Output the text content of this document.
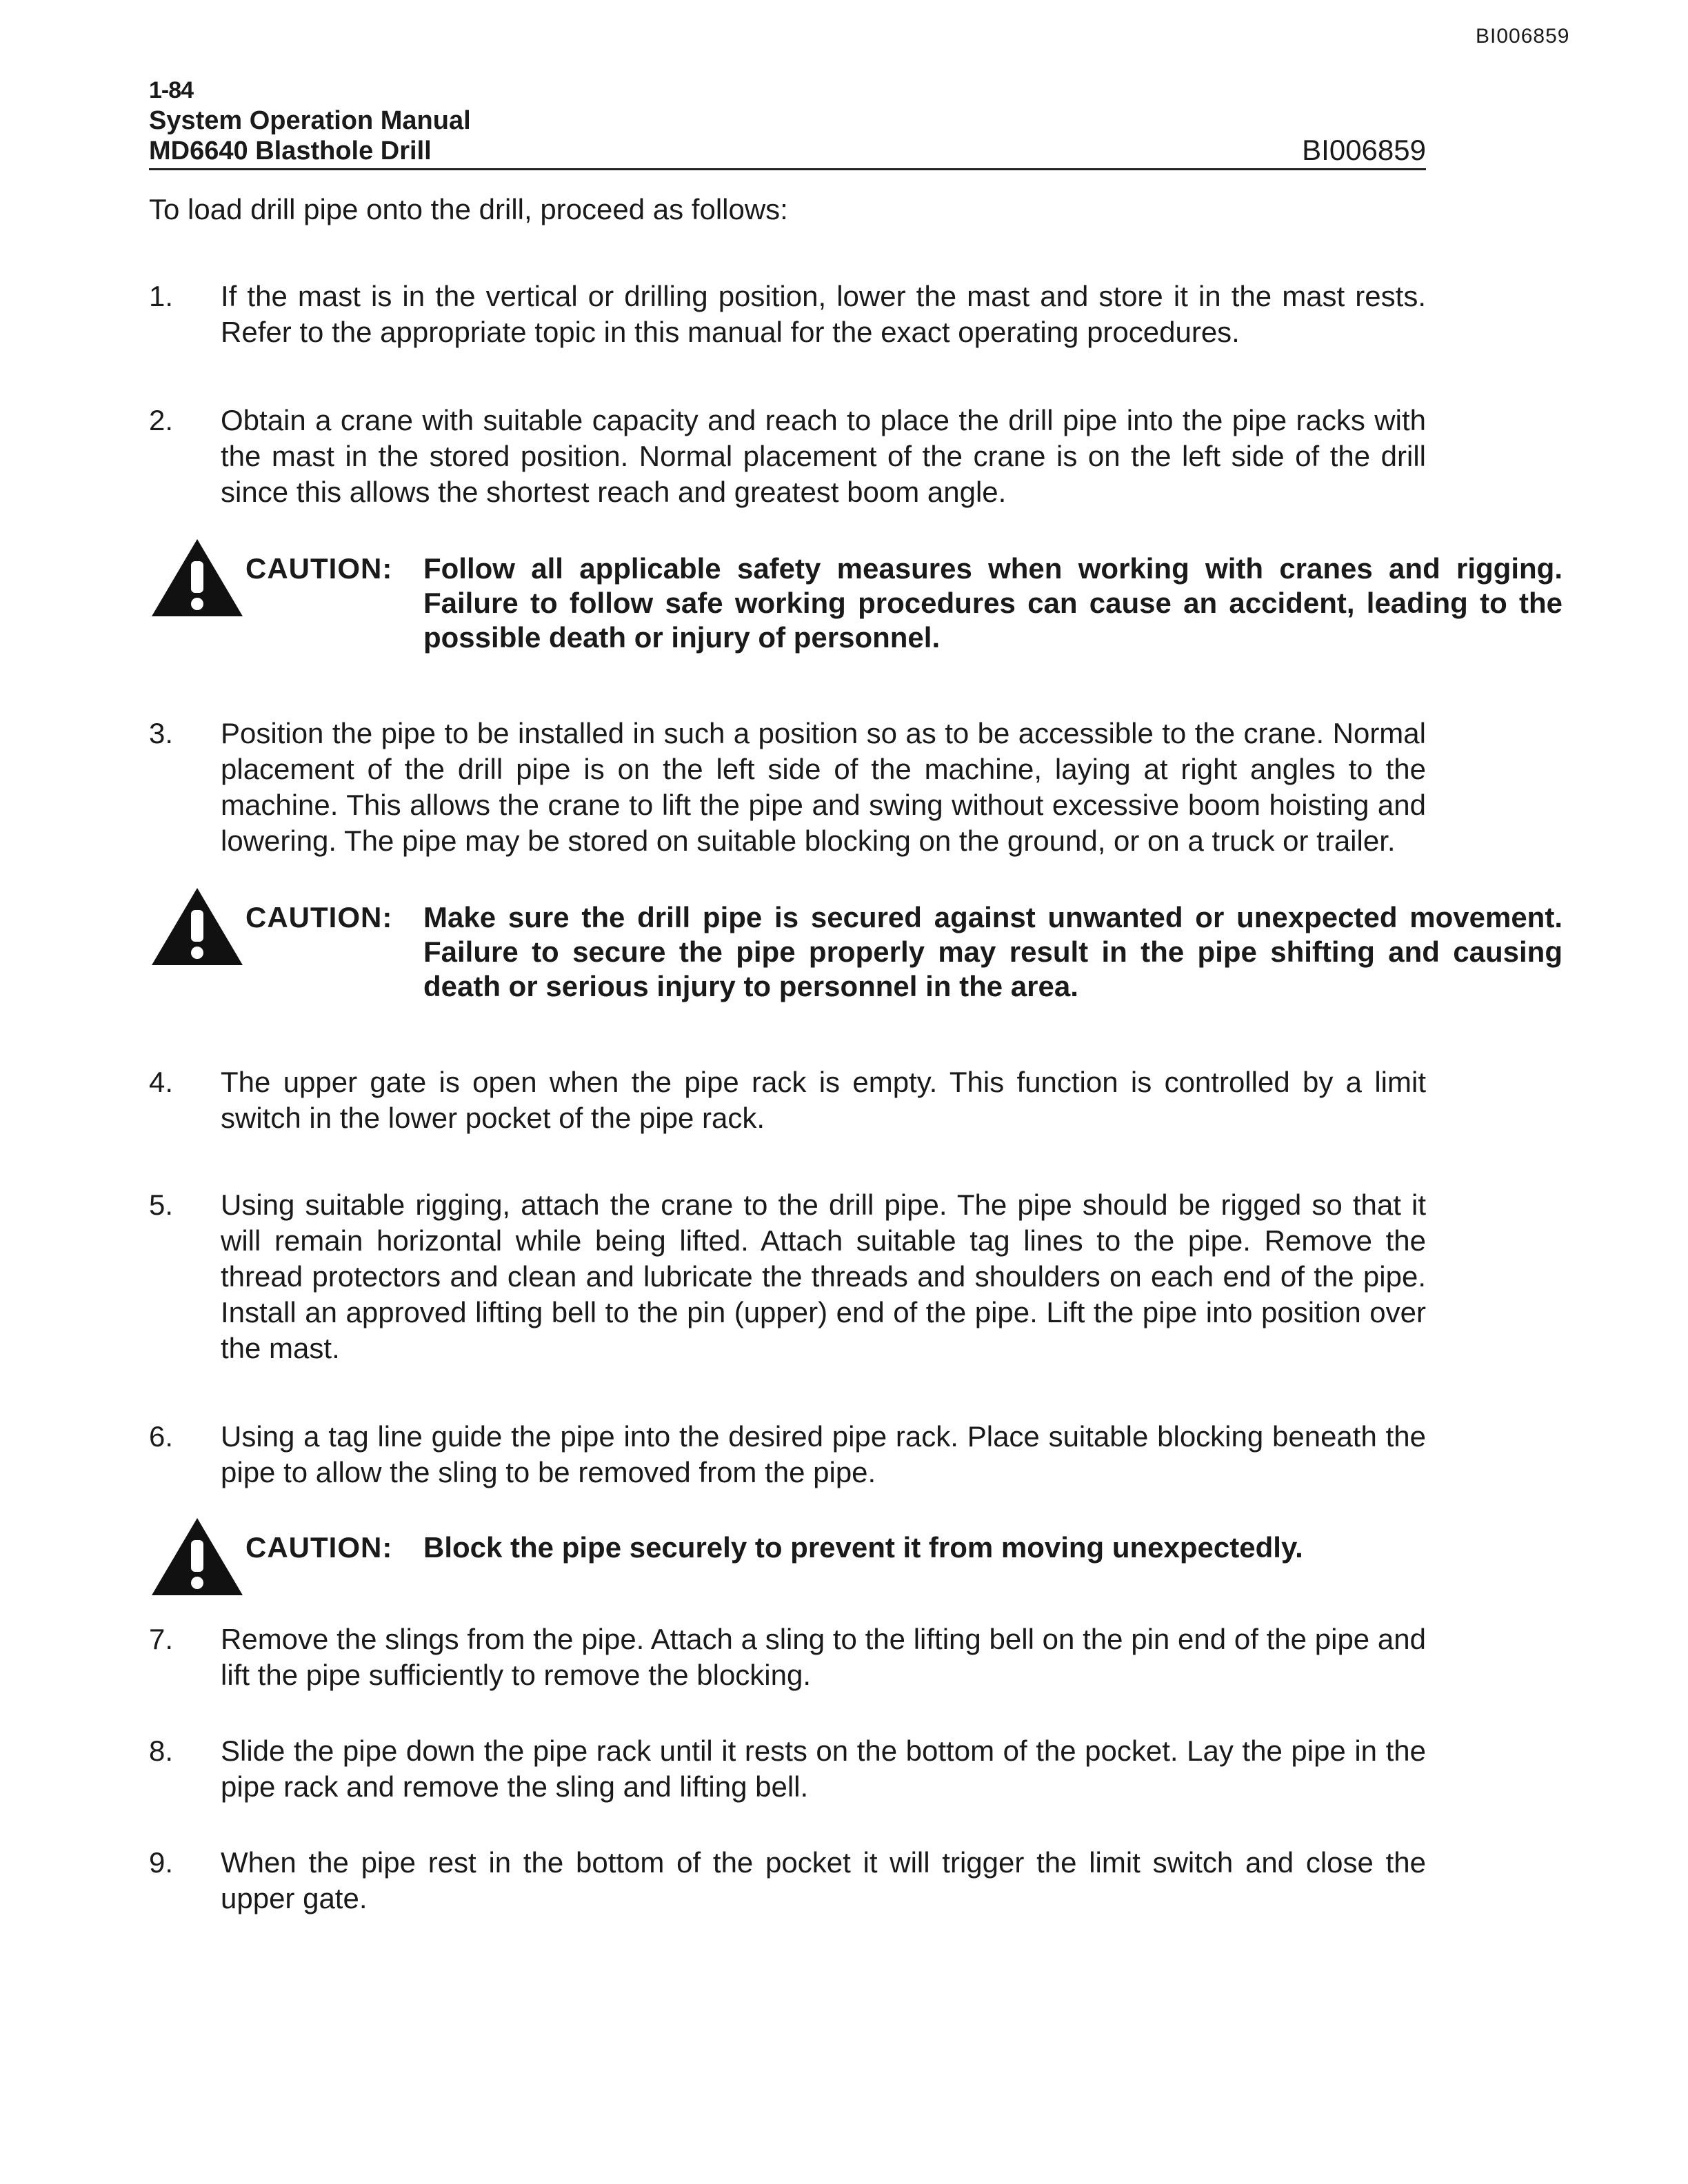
BI006859
1-84
System Operation Manual
MD6640 Blasthole Drill	BI006859
To load drill pipe onto the drill, proceed as follows:
1. If the mast is in the vertical or drilling position, lower the mast and store it in the mast rests. Refer to the appropriate topic in this manual for the exact operating procedures.
2. Obtain a crane with suitable capacity and reach to place the drill pipe into the pipe racks with the mast in the stored position. Normal placement of the crane is on the left side of the drill since this allows the shortest reach and greatest boom angle.
CAUTION: Follow all applicable safety measures when working with cranes and rigging. Failure to follow safe working procedures can cause an accident, leading to the possible death or injury of personnel.
3. Position the pipe to be installed in such a position so as to be accessible to the crane. Normal placement of the drill pipe is on the left side of the machine, laying at right angles to the machine. This allows the crane to lift the pipe and swing without excessive boom hoisting and lowering. The pipe may be stored on suitable blocking on the ground, or on a truck or trailer.
CAUTION: Make sure the drill pipe is secured against unwanted or unexpected movement. Failure to secure the pipe properly may result in the pipe shifting and causing death or serious injury to personnel in the area.
4. The upper gate is open when the pipe rack is empty. This function is controlled by a limit switch in the lower pocket of the pipe rack.
5. Using suitable rigging, attach the crane to the drill pipe. The pipe should be rigged so that it will remain horizontal while being lifted. Attach suitable tag lines to the pipe. Remove the thread protectors and clean and lubricate the threads and shoulders on each end of the pipe. Install an approved lifting bell to the pin (upper) end of the pipe. Lift the pipe into position over the mast.
6. Using a tag line guide the pipe into the desired pipe rack. Place suitable blocking beneath the pipe to allow the sling to be removed from the pipe.
CAUTION: Block the pipe securely to prevent it from moving unexpectedly.
7. Remove the slings from the pipe. Attach a sling to the lifting bell on the pin end of the pipe and lift the pipe sufficiently to remove the blocking.
8. Slide the pipe down the pipe rack until it rests on the bottom of the pocket. Lay the pipe in the pipe rack and remove the sling and lifting bell.
9. When the pipe rest in the bottom of the pocket it will trigger the limit switch and close the upper gate.
